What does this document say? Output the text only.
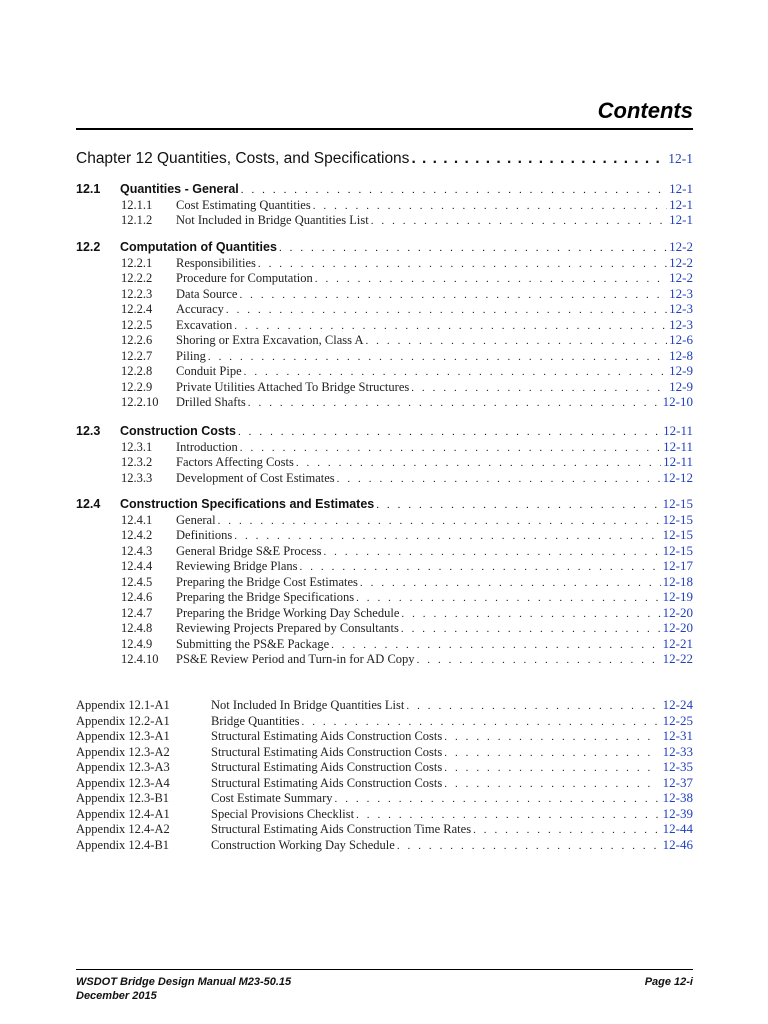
Contents
Chapter 12 Quantities, Costs, and Specifications . . .	12-1
12.1	Quantities - General . . .	12-1
12.1.1	Cost Estimating Quantities . . .	12-1
12.1.2	Not Included in Bridge Quantities List . . .	12-1
12.2	Computation of Quantities . . .	12-2
12.2.1	Responsibilities . . .	12-2
12.2.2	Procedure for Computation . . .	12-2
12.2.3	Data Source . . .	12-3
12.2.4	Accuracy . . .	12-3
12.2.5	Excavation . . .	12-3
12.2.6	Shoring or Extra Excavation, Class A . . .	12-6
12.2.7	Piling . . .	12-8
12.2.8	Conduit Pipe . . .	12-9
12.2.9	Private Utilities Attached To Bridge Structures . . .	12-9
12.2.10	Drilled Shafts . . .	12-10
12.3	Construction Costs . . .	12-11
12.3.1	Introduction . . .	12-11
12.3.2	Factors Affecting Costs . . .	12-11
12.3.3	Development of Cost Estimates . . .	12-12
12.4	Construction Specifications and Estimates . . .	12-15
12.4.1	General . . .	12-15
12.4.2	Definitions . . .	12-15
12.4.3	General Bridge S&E Process . . .	12-15
12.4.4	Reviewing Bridge Plans . . .	12-17
12.4.5	Preparing the Bridge Cost Estimates . . .	12-18
12.4.6	Preparing the Bridge Specifications . . .	12-19
12.4.7	Preparing the Bridge Working Day Schedule . . .	12-20
12.4.8	Reviewing Projects Prepared by Consultants . . .	12-20
12.4.9	Submitting the PS&E Package . . .	12-21
12.4.10	PS&E Review Period and Turn-in for AD Copy . . .	12-22
Appendix 12.1-A1	Not Included In Bridge Quantities List . . .	12-24
Appendix 12.2-A1	Bridge Quantities . . .	12-25
Appendix 12.3-A1	Structural Estimating Aids Construction Costs . . .	12-31
Appendix 12.3-A2	Structural Estimating Aids Construction Costs . . .	12-33
Appendix 12.3-A3	Structural Estimating Aids Construction Costs . . .	12-35
Appendix 12.3-A4	Structural Estimating Aids Construction Costs . . .	12-37
Appendix 12.3-B1	Cost Estimate Summary . . .	12-38
Appendix 12.4-A1	Special Provisions Checklist . . .	12-39
Appendix 12.4-A2	Structural Estimating Aids Construction Time Rates . . .	12-44
Appendix 12.4-B1	Construction Working Day Schedule . . .	12-46
WSDOT Bridge Design Manual M23-50.15
December 2015
Page 12-i
